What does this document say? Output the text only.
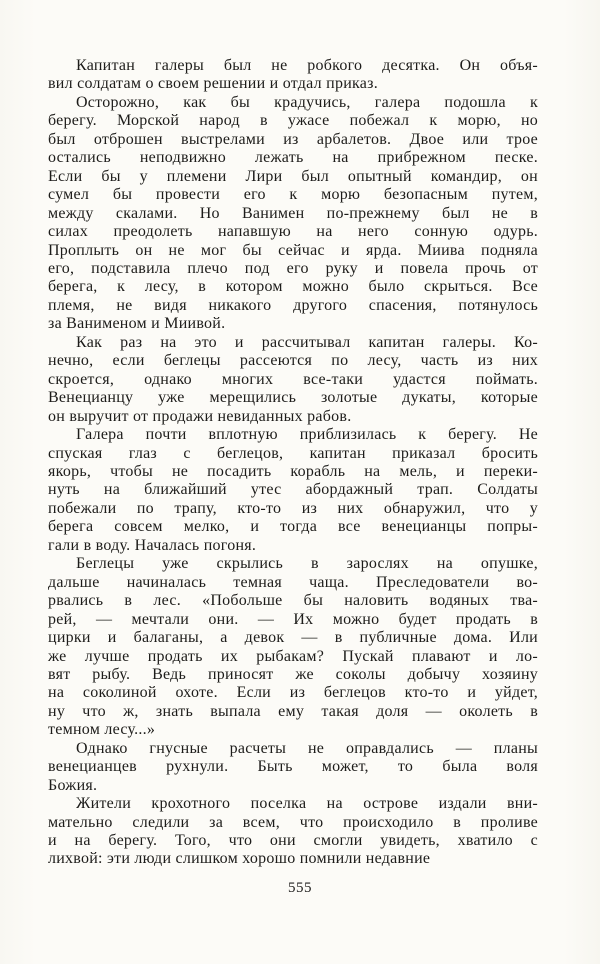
Капитан галеры был не робкого десятка. Он объя-
вил солдатам о своем решении и отдал приказ.
Осторожно, как бы крадучись, галера подошла к
берегу. Морской народ в ужасе побежал к морю, но
был отброшен выстрелами из арбалетов. Двое или трое
остались неподвижно лежать на прибрежном песке.
Если бы у племени Лири был опытный командир, он
сумел бы провести его к морю безопасным путем,
между скалами. Но Ванимен по-прежнему был не в
силах преодолеть напавшую на него сонную одурь.
Проплыть он не мог бы сейчас и ярда. Миива подняла
его, подставила плечо под его руку и повела прочь от
берега, к лесу, в котором можно было скрыться. Все
племя, не видя никакого другого спасения, потянулось
за Ванименом и Миивой.
Как раз на это и рассчитывал капитан галеры. Ко-
нечно, если беглецы рассеются по лесу, часть из них
скроется, однако многих все-таки удастся поймать.
Венецианцу уже мерещились золотые дукаты, которые
он выручит от продажи невиданных рабов.
Галера почти вплотную приблизилась к берегу. Не
спуская глаз с беглецов, капитан приказал бросить
якорь, чтобы не посадить корабль на мель, и переки-
нуть на ближайший утес абордажный трап. Солдаты
побежали по трапу, кто-то из них обнаружил, что у
берега совсем мелко, и тогда все венецианцы попры-
гали в воду. Началась погоня.
Беглецы уже скрылись в зарослях на опушке,
дальше начиналась темная чаща. Преследователи во-
рвались в лес. «Побольше бы наловить водяных тва-
рей, — мечтали они. — Их можно будет продать в
цирки и балаганы, а девок — в публичные дома. Или
же лучше продать их рыбакам? Пускай плавают и ло-
вят рыбу. Ведь приносят же соколы добычу хозяину
на соколиной охоте. Если из беглецов кто-то и уйдет,
ну что ж, знать выпала ему такая доля — околеть в
темном лесу...»
Однако гнусные расчеты не оправдались — планы
венецианцев рухнули. Быть может, то была воля
Божия.
Жители крохотного поселка на острове издали вни-
мательно следили за всем, что происходило в проливе
и на берегу. Того, что они смогли увидеть, хватило с
лихвой: эти люди слишком хорошо помнили недавние
555
